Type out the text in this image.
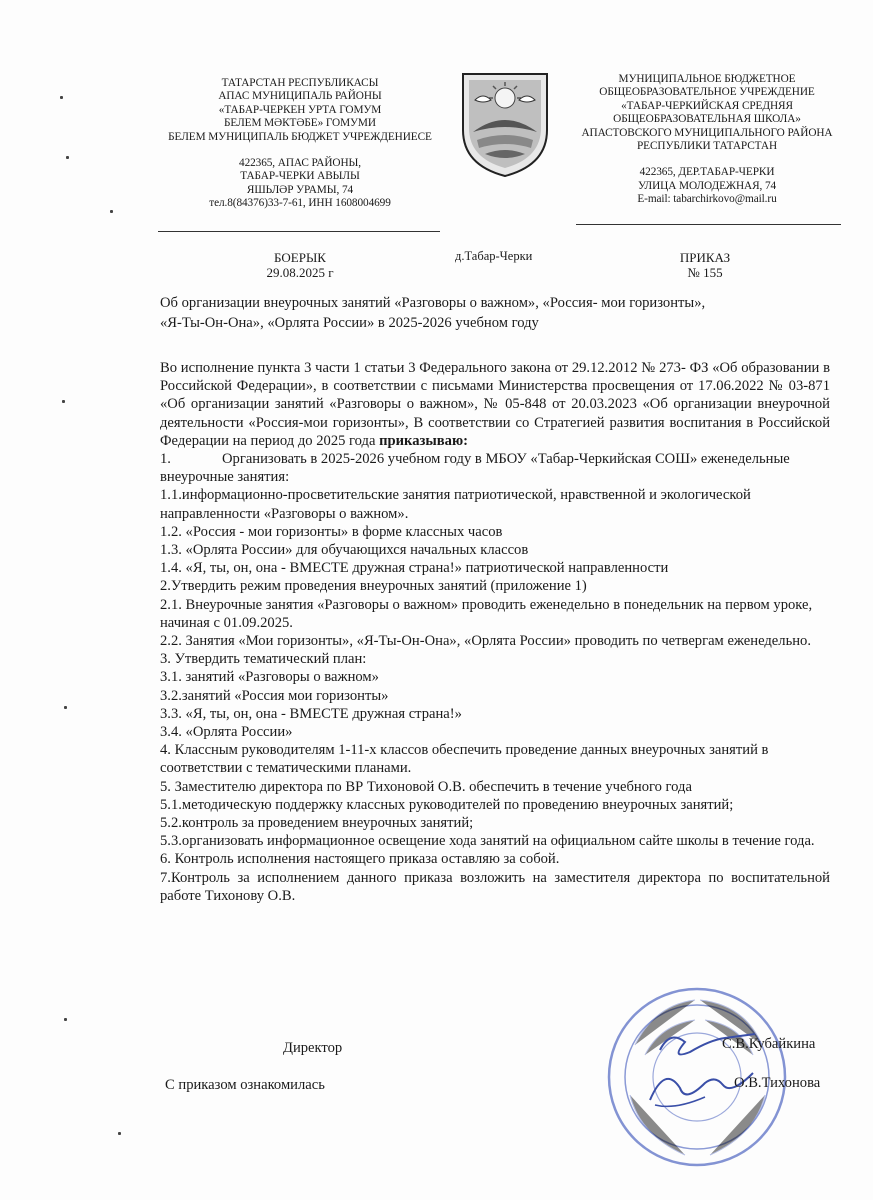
ТАТАРСТАН РЕСПУБЛИКАСЫ
АПАС МУНИЦИПАЛЬ РАЙОНЫ
«ТАБАР-ЧЕРКЕН УРТА ГОМУМ
БЕЛЕМ МӘКТӘБЕ» ГОМУМИ
БЕЛЕМ МУНИЦИПАЛЬ БЮДЖЕТ УЧРЕЖДЕНИЕСЕ
422365, АПАС РАЙОНЫ,
ТАБАР-ЧЕРКИ АВЫЛЫ
ЯШЬЛӘР УРАМЫ, 74
тел.8(84376)33-7-61, ИНН 1608004699
МУНИЦИПАЛЬНОЕ БЮДЖЕТНОЕ
ОБЩЕОБРАЗОВАТЕЛЬНОЕ УЧРЕЖДЕНИЕ
«ТАБАР-ЧЕРКИЙСКАЯ СРЕДНЯЯ
ОБЩЕОБРАЗОВАТЕЛЬНАЯ ШКОЛА»
АПАСТОВСКОГО МУНИЦИПАЛЬНОГО РАЙОНА
РЕСПУБЛИКИ ТАТАРСТАН
422365, ДЕР.ТАБАР-ЧЕРКИ
УЛИЦА МОЛОДЕЖНАЯ, 74
E-mail: tabarchirkovo@mail.ru
БОЕРЫК
29.08.2025 г
д.Табар-Черки	ПРИКАЗ
№ 155
Об организации внеурочных занятий «Разговоры о важном», «Россия- мои горизонты»,
«Я-Ты-Он-Она», «Орлята России» в 2025-2026 учебном году

Во исполнение пункта 3 части 1 статьи 3 Федерального закона от 29.12.2012 № 273- ФЗ «Об образовании в Российской Федерации», в соответствии с письмами Министерства просвещения от 17.06.2022 № 03-871 «Об организации занятий «Разговоры о важном», № 05-848 от 20.03.2023 «Об организации внеурочной деятельности «Россия-мои горизонты», В соответствии со Стратегией развития воспитания в Российской Федерации на период до 2025 года приказываю:

1.	Организовать в 2025-2026 учебном году в МБОУ «Табар-Черкийская СОШ» еженедельные внеурочные занятия:

1.1.информационно-просветительские занятия патриотической, нравственной и экологической направленности «Разговоры о важном».

1.2. «Россия - мои горизонты» в форме классных часов

1.3. «Орлята России» для обучающихся начальных классов

1.4. «Я, ты, он, она - ВМЕСТЕ дружная страна!» патриотической направленности

2.Утвердить режим проведения внеурочных занятий (приложение 1)

2.1. Внеурочные занятия «Разговоры о важном» проводить еженедельно в понедельник на первом уроке, начиная с 01.09.2025.

2.2. Занятия «Мои горизонты», «Я-Ты-Он-Она», «Орлята России» проводить по четвергам еженедельно.

3. Утвердить тематический план:

3.1. занятий «Разговоры о важном»

3.2.занятий «Россия мои горизонты»

3.3. «Я, ты, он, она - ВМЕСТЕ дружная страна!»

3.4. «Орлята России»

4. Классным руководителям 1-11-х классов обеспечить проведение данных внеурочных занятий в соответствии с тематическими планами.

5. Заместителю директора по ВР Тихоновой О.В. обеспечить в течение учебного года

5.1.методическую поддержку классных руководителей по проведению внеурочных занятий;

5.2.контроль за проведением внеурочных занятий;

5.3.организовать информационное освещение хода занятий на официальном сайте школы в течение года.

6. Контроль исполнения настоящего приказа оставляю за собой.

7.Контроль за исполнением данного приказа возложить на заместителя директора по воспитательной работе Тихонову О.В.

Директор	С.В.Кубайкина
С приказом ознакомилась	О.В.Тихонова
